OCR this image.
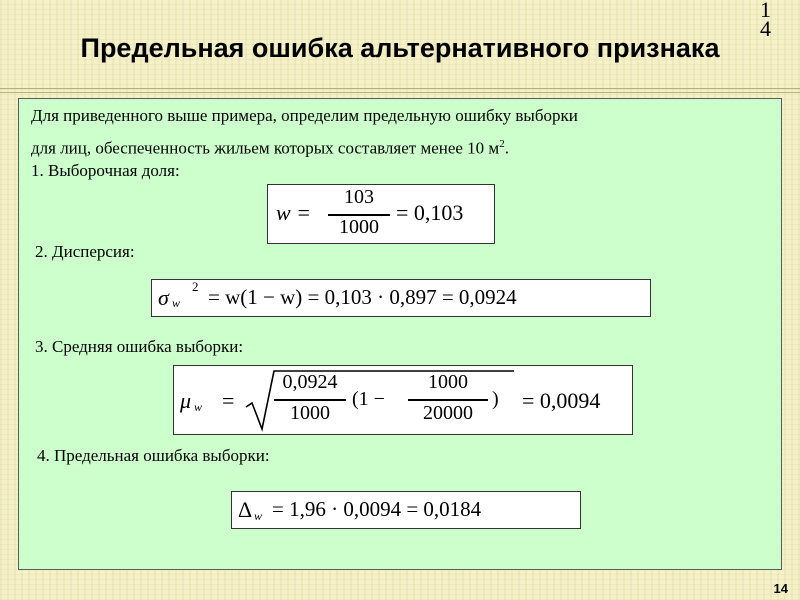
1
4
Предельная ошибка альтернативного признака
Для приведенного выше примера, определим предельную ошибку выборки
для лиц, обеспеченность жильем которых составляет менее 10 $м^2$.
1. Выборочная доля:
w =
103
1000
= 0,103
2. Дисперсия:
σ w
2 = w(1 − w) = 0,103 · 0,897 = 0,0924
3. Средняя ошибка выборки:
μ w =
0,0924
1000
(1 −
1000
20000
) = 0,0094
4. Предельная ошибка выборки:
Δ w = 1,96 · 0,0094 = 0,0184
14
